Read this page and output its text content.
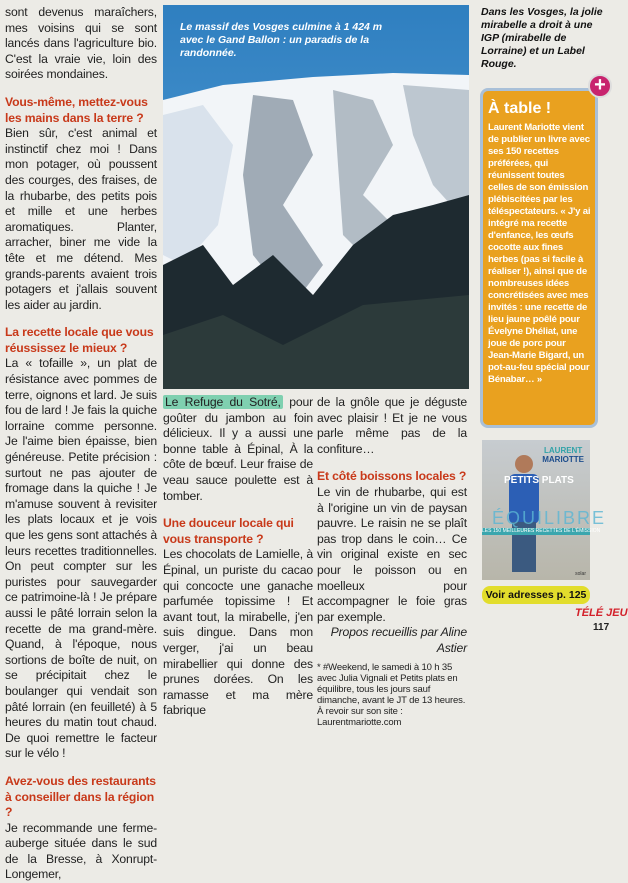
sont devenus maraîchers, mes voisins qui se sont lancés dans l'agriculture bio. C'est la vraie vie, loin des soirées mondaines.

Vous-même, mettez-vous les mains dans la terre ?

Bien sûr, c'est animal et instinctif chez moi ! Dans mon potager, où poussent des courges, des fraises, de la rhubarbe, des petits pois et mille et une herbes aromatiques. Planter, arracher, biner me vide la tête et me détend. Mes grands-parents avaient trois potagers et j'allais souvent les aider au jardin.

La recette locale que vous réussissez le mieux ?

La « tofaille », un plat de résistance avec pommes de terre, oignons et lard. Je suis fou de lard ! Je fais la quiche lorraine comme personne. Je l'aime bien épaisse, bien généreuse. Petite précision : surtout ne pas ajouter de fromage dans la quiche ! Je m'amuse souvent à revisiter les plats locaux et je vois que les gens sont attachés à leurs recettes traditionnelles. On peut compter sur les puristes pour sauvegarder ce patrimoine-là ! Je prépare aussi le pâté lorrain selon la recette de ma grand-mère. Quand, à l'époque, nous sortions de boîte de nuit, on se précipitait chez le boulanger qui vendait son pâté lorrain (en feuilleté) à 5 heures du matin tout chaud. De quoi remettre le facteur sur le vélo !

Avez-vous des restaurants à conseiller dans la région ?

Je recommande une ferme-auberge située dans le sud de la Bresse, à Xonrupt-Longemer,

Le massif des Vosges culmine à 1 424 m avec le Gand Ballon : un paradis de la randonnée.

Le Refuge du Sotré, pour goûter du jambon au foin délicieux. Il y a aussi une bonne table à Épinal, À la côte de bœuf. Leur fraise de veau sauce poulette est à tomber.

Une douceur locale qui vous transporte ?

Les chocolats de Lamielle, à Épinal, un puriste du cacao qui concocte une ganache parfumée topissime ! Et avant tout, la mirabelle, j'en suis dingue. Dans mon verger, j'ai un beau mirabellier qui donne des prunes dorées. On les ramasse et ma mère fabrique

de la gnôle que je déguste avec plaisir ! Et je ne vous parle même pas de la confiture…

Et côté boissons locales ?

Le vin de rhubarbe, qui est à l'origine un vin de paysan pauvre. Le raisin ne se plaît pas trop dans le coin… Ce vin original existe en sec pour le poisson ou en moelleux pour accompagner le foie gras par exemple.

Propos recueillis par Aline Astier

* #Weekend, le samedi à 10 h 35 avec Julia Vignali et Petits plats en équilibre, tous les jours sauf dimanche, avant le JT de 13 heures. À revoir sur son site : Laurentmariotte.com

Dans les Vosges, la jolie mirabelle a droit à une IGP (mirabelle de Lorraine) et un Label Rouge.
À table !

Laurent Mariotte vient de publier un livre avec ses 150 recettes préférées, qui réunissent toutes celles de son émission plébiscitées par les téléspectateurs. « J'y ai intégré ma recette d'enfance, les œufs cocotte aux fines herbes (pas si facile à réaliser !), ainsi que de nombreuses idées concrétisées avec mes invités : une recette de lieu jaune poêlé pour Évelyne Dhéliat, une joue de porc pour Jean-Marie Bigard, un pot-au-feu spécial pour Bénabar… »

+
LAURENT
MARIOTTE
PETITS PLATS
ÉQUILIBRE
LES 150 MEILLEURES RECETTES DE L'ÉMISSION
solar
Voir adresses p. 125
TÉLÉ JEU
117
